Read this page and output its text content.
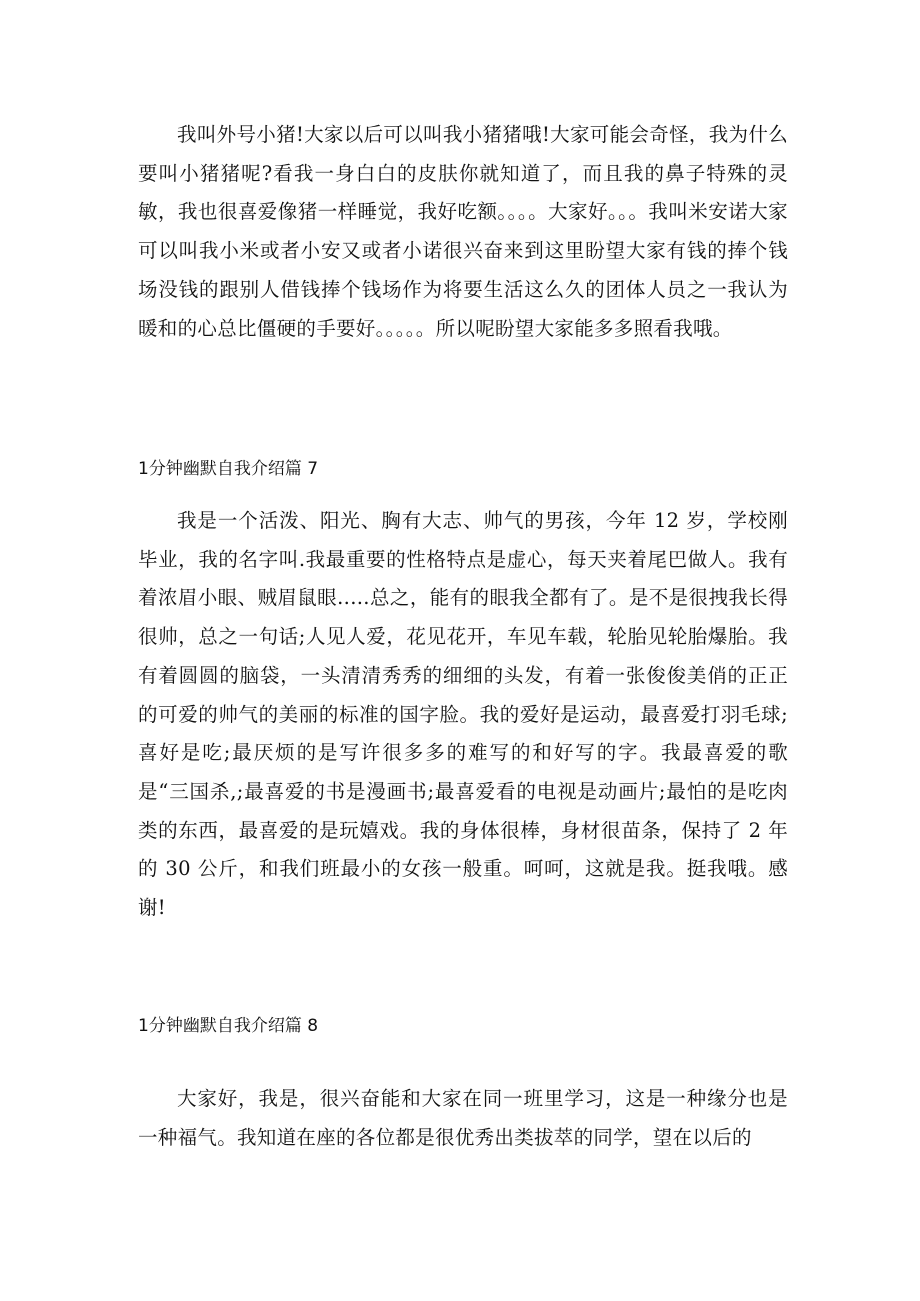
我叫外号小猪!大家以后可以叫我小猪猪哦!大家可能会奇怪，我为什么要叫小猪猪呢?看我一身白白的皮肤你就知道了，而且我的鼻子特殊的灵敏，我也很喜爱像猪一样睡觉，我好吃额。。。。大家好。。。我叫米安诺大家可以叫我小米或者小安又或者小诺很兴奋来到这里盼望大家有钱的捧个钱场没钱的跟别人借钱捧个钱场作为将要生活这么久的团体人员之一我认为暖和的心总比僵硬的手要好。。。。。所以呢盼望大家能多多照看我哦。

1分钟幽默自我介绍篇 7

我是一个活泼、阳光、胸有大志、帅气的男孩，今年 12 岁，学校刚毕业，我的名字叫.我最重要的性格特点是虚心，每天夹着尾巴做人。我有着浓眉小眼、贼眉鼠眼..…总之，能有的眼我全都有了。是不是很拽我长得很帅，总之一句话;人见人爱，花见花开，车见车载，轮胎见轮胎爆胎。我有着圆圆的脑袋，一头清清秀秀的细细的头发，有着一张俊俊美俏的正正的可爱的帅气的美丽的标准的国字脸。我的爱好是运动，最喜爱打羽毛球;喜好是吃;最厌烦的是写许很多多的难写的和好写的字。我最喜爱的歌是“三国杀,;最喜爱的书是漫画书;最喜爱看的电视是动画片;最怕的是吃肉类的东西，最喜爱的是玩嬉戏。我的身体很棒，身材很苗条，保持了 2 年的 30 公斤，和我们班最小的女孩一般重。呵呵，这就是我。挺我哦。感谢!

1分钟幽默自我介绍篇 8

大家好，我是，很兴奋能和大家在同一班里学习，这是一种缘分也是一种福气。我知道在座的各位都是很优秀出类拔萃的同学，望在以后的
